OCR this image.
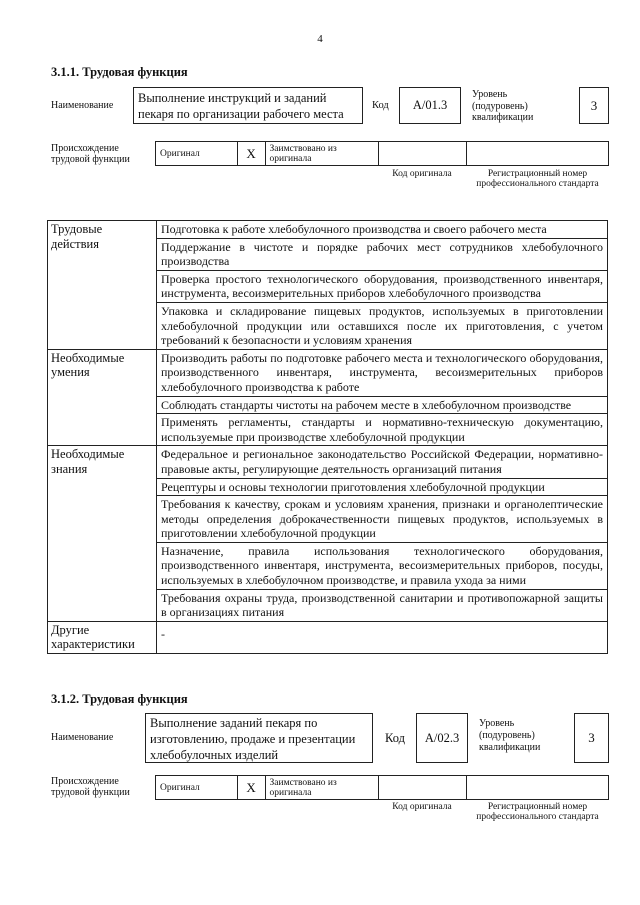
4
3.1.1. Трудовая функция
Наименование
Выполнение инструкций и заданий пекаря по организации рабочего места
Код	A/01.3
Уровень (подуровень) квалификации
3
Происхождение трудовой функции
Оригинал	X	Заимствовано из оригинала
Код оригинала	Регистрационный номер профессионального стандарта
Трудовые действия	Подготовка к работе хлебобулочного производства и своего рабочего места
	Поддержание в чистоте и порядке рабочих мест сотрудников хлебобулочного производства
	Проверка простого технологического оборудования, производственного инвентаря, инструмента, весоизмерительных приборов хлебобулочного производства
	Упаковка и складирование пищевых продуктов, используемых в приготовлении хлебобулочной продукции или оставшихся после их приготовления, с учетом требований к безопасности и условиям хранения
Необходимые умения	Производить работы по подготовке рабочего места и технологического оборудования, производственного инвентаря, инструмента, весоизмерительных приборов хлебобулочного производства к работе
	Соблюдать стандарты чистоты на рабочем месте в хлебобулочном производстве
	Применять регламенты, стандарты и нормативно-техническую документацию, используемые при производстве хлебобулочной продукции
Необходимые знания	Федеральное и региональное законодательство Российской Федерации, нормативно-правовые акты, регулирующие деятельность организаций питания
	Рецептуры и основы технологии приготовления хлебобулочной продукции
	Требования к качеству, срокам и условиям хранения, признаки и органолептические методы определения доброкачественности пищевых продуктов, используемых в приготовлении хлебобулочной продукции
	Назначение, правила использования технологического оборудования, производственного инвентаря, инструмента, весоизмерительных приборов, посуды, используемых в хлебобулочном производстве, и правила ухода за ними
	Требования охраны труда, производственной санитарии и противопожарной защиты в организациях питания
Другие характеристики	-
3.1.2. Трудовая функция
Наименование
Выполнение заданий пекаря по изготовлению, продаже и презентации хлебобулочных изделий
Код	A/02.3
Уровень (подуровень) квалификации
3
Происхождение трудовой функции	Оригинал	X	Заимствовано из оригинала
Код оригинала	Регистрационный номер профессионального стандарта
